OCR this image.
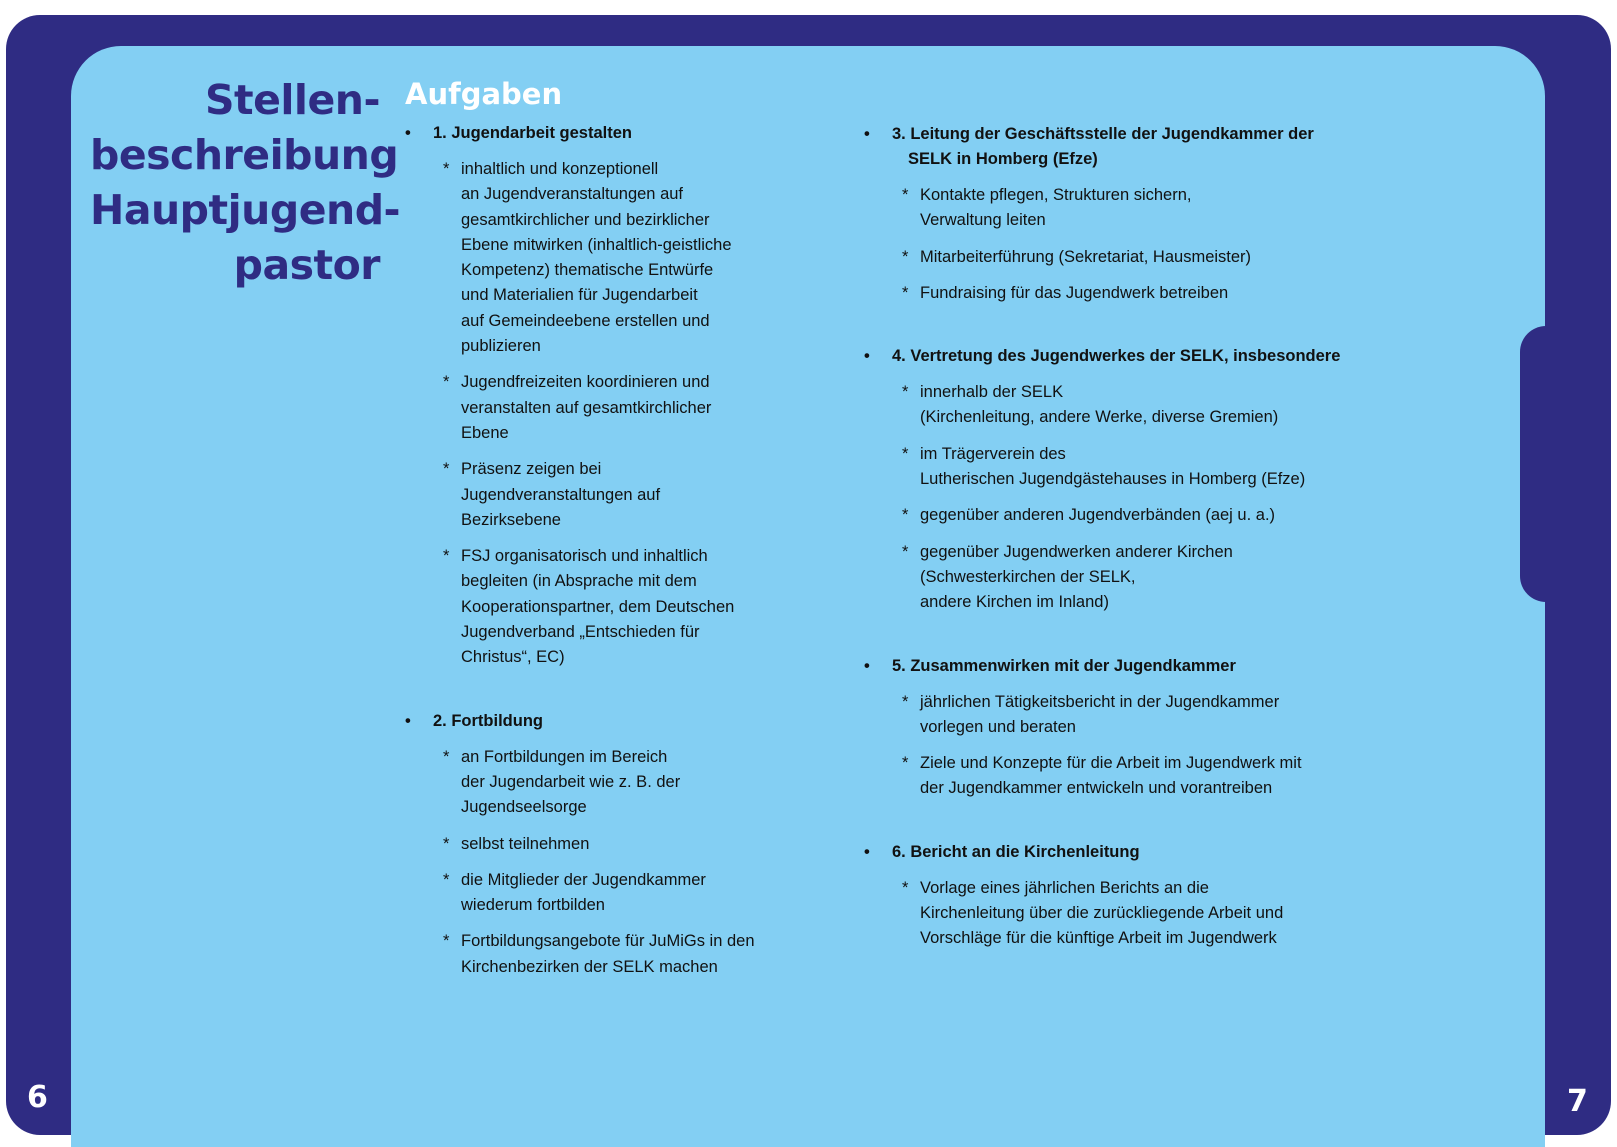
6	7
Stellen-
beschreibung
Hauptjugend-
pastor
Aufgaben
• 1. Jugendarbeit gestalten
* inhaltlich und konzeptionell
an Jugendveranstaltungen auf
gesamtkirchlicher und bezirklicher
Ebene mitwirken (inhaltlich-geistliche
Kompetenz) thematische Entwürfe
und Materialien für Jugendarbeit
auf Gemeindeebene erstellen und
publizieren
* Jugendfreizeiten koordinieren und
veranstalten auf gesamtkirchlicher
Ebene
* Präsenz zeigen bei
Jugendveranstaltungen auf
Bezirksebene
* FSJ organisatorisch und inhaltlich
begleiten (in Absprache mit dem
Kooperationspartner, dem Deutschen
Jugendverband „Entschieden für
Christus“, EC)
• 2. Fortbildung
* an Fortbildungen im Bereich
der Jugendarbeit wie z. B. der
Jugendseelsorge
* selbst teilnehmen
* die Mitglieder der Jugendkammer
wiederum fortbilden
* Fortbildungsangebote für JuMiGs in den
Kirchenbezirken der SELK machen
• 3. Leitung der Geschäftsstelle der Jugendkammer der
SELK in Homberg (Efze)
* Kontakte pflegen, Strukturen sichern,
Verwaltung leiten
* Mitarbeiterführung (Sekretariat, Hausmeister)
* Fundraising für das Jugendwerk betreiben
• 4. Vertretung des Jugendwerkes der SELK, insbesondere
* innerhalb der SELK
(Kirchenleitung, andere Werke, diverse Gremien)
* im Trägerverein des
Lutherischen Jugendgästehauses in Homberg (Efze)
* gegenüber anderen Jugendverbänden (aej u. a.)
* gegenüber Jugendwerken anderer Kirchen
(Schwesterkirchen der SELK,
andere Kirchen im Inland)
• 5. Zusammenwirken mit der Jugendkammer
* jährlichen Tätigkeitsbericht in der Jugendkammer
vorlegen und beraten
* Ziele und Konzepte für die Arbeit im Jugendwerk mit
der Jugendkammer entwickeln und vorantreiben
• 6. Bericht an die Kirchenleitung
* Vorlage eines jährlichen Berichts an die
Kirchenleitung über die zurückliegende Arbeit und
Vorschläge für die künftige Arbeit im Jugendwerk
